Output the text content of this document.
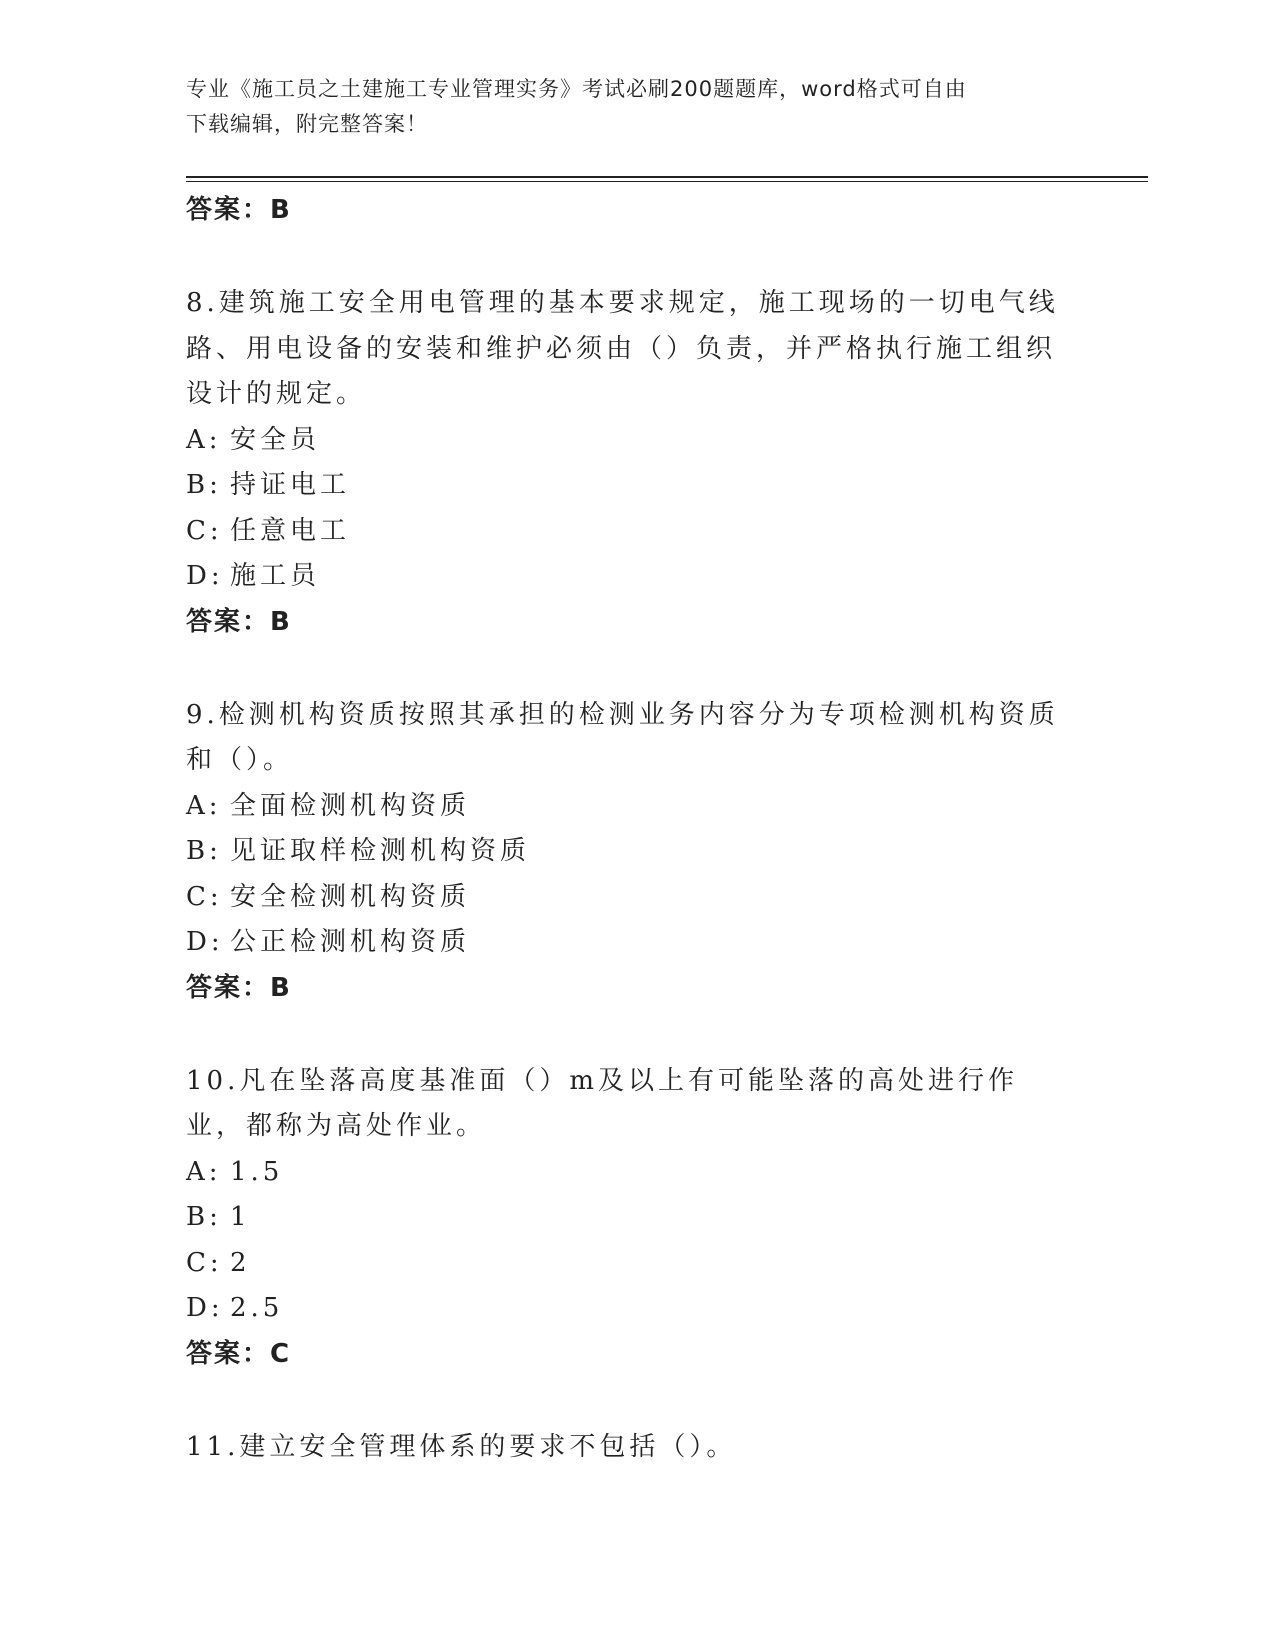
专业《施工员之土建施工专业管理实务》考试必刷200题题库，word格式可自由
下载编辑，附完整答案！
答案：B
8.建筑施工安全用电管理的基本要求规定，施工现场的一切电气线路、用电设备的安装和维护必须由（）负责，并严格执行施工组织设计的规定。
A: 安全员
B: 持证电工
C: 任意电工
D: 施工员
答案：B
9.检测机构资质按照其承担的检测业务内容分为专项检测机构资质和（）。
A: 全面检测机构资质
B: 见证取样检测机构资质
C: 安全检测机构资质
D: 公正检测机构资质
答案：B
10.凡在坠落高度基准面（）m及以上有可能坠落的高处进行作业，都称为高处作业。
A: 1.5
B: 1
C: 2
D: 2.5
答案：C
11.建立安全管理体系的要求不包括（）。
